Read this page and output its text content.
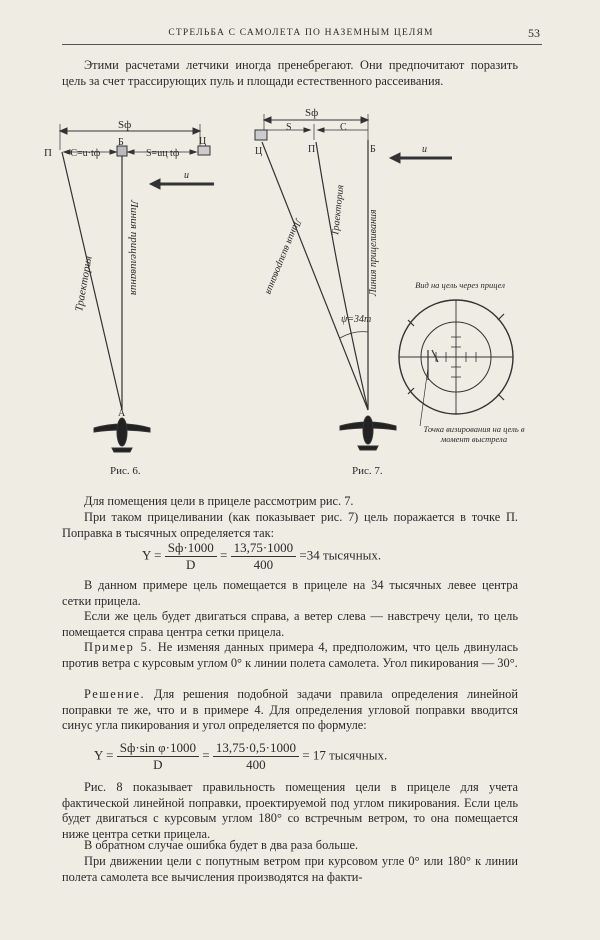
СТРЕЛЬБА С САМОЛЕТА ПО НАЗЕМНЫМ ЦЕЛЯМ	53
Этими расчетами летчики иногда пренебрегают. Они предпочитают поразить цель за счет трассирующих пуль и площади естественного рассеивания.
Sф
П -С=u·tф
Б
S=uц tф
Ц
u
Траектория	Линия прицеливания
А
Рис. 6.
Sф
S	C
Ц	П	Б	u
Линия визирования
Траектория Линия прицеливания
ψ=34т
Вид на цель через прицел
Точка визирования на цель в момент выстрела
Рис. 7.
Для помещения цели в прицеле рассмотрим рис. 7.
При таком прицеливании (как показывает рис. 7) цель поражается в точке П. Поправка в тысячных определяется так:
$Y = \frac{Sф\cdot 1000}{D} = \frac{13,75\cdot 1000}{400} =34$ тысячных.
В данном примере цель помещается в прицеле на 34 тысячных левее центра сетки прицела.
Если же цель будет двигаться справа, а ветер слева — навстречу цели, то цель помещается справа центра сетки прицела.
Пример 5. Не изменяя данных примера 4, предположим, что цель двинулась против ветра с курсовым углом 0° к линии полета самолета. Угол пикирования — 30°.
Решение. Для решения подобной задачи правила определения линейной поправки те же, что и в примере 4. Для определения угловой поправки вводится синус угла пикирования и угол определяется по формуле:
$Y = \frac{\text{Sф·sin φ·1000}}{D} = \frac{13,75\cdot 0,5\cdot 1000}{400} = 17$ тысячных.
Рис. 8 показывает правильность помещения цели в прицеле для учета фактической линейной поправки, проектируемой под углом пикирования. Если цель будет двигаться с курсовым углом 180° со встречным ветром, то она помещается ниже центра сетки прицела.
В обратном случае ошибка будет в два раза больше.
При движении цели с попутным ветром при курсовом угле 0° или 180° к линии полета самолета все вычисления производятся на факти-
